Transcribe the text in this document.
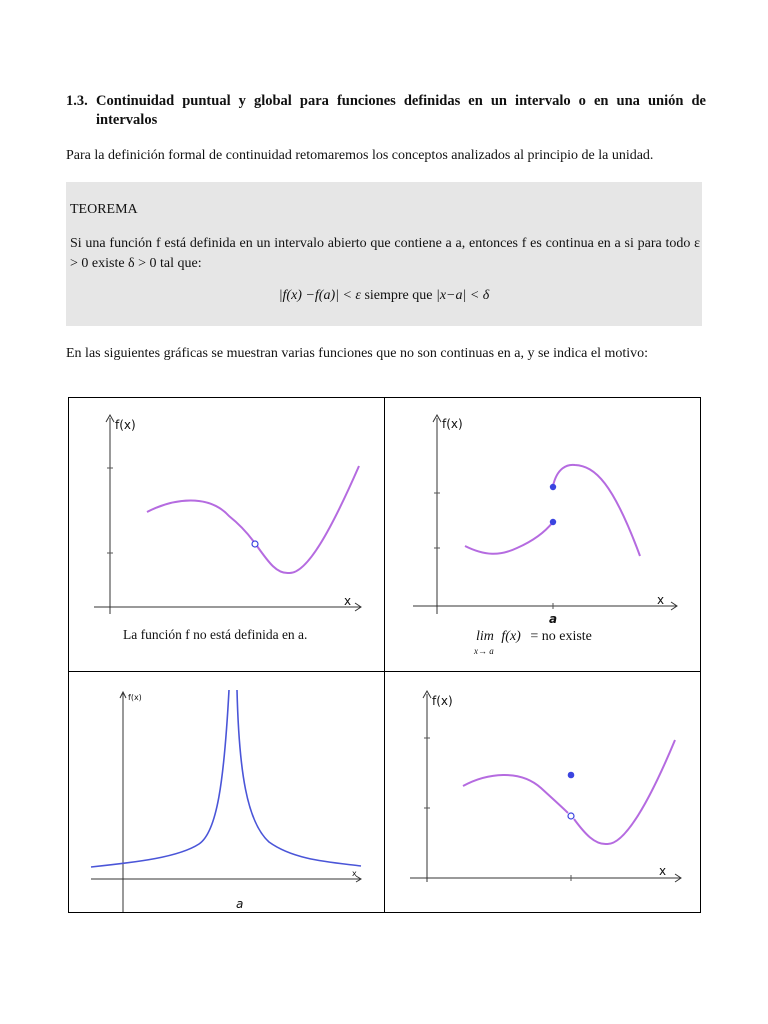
1.3. Continuidad puntual y global para funciones definidas en un intervalo o en una unión de intervalos
Para la definición formal de continuidad retomaremos los conceptos analizados al principio de la unidad.
TEOREMA
Si una función f está definida en un intervalo abierto que contiene a a, entonces f es continua en a si para todo ε > 0 existe δ > 0 tal que:
|f(x) −f(a)| < ε siempre que |x−a| < δ
En las siguientes gráficas se muestran varias funciones que no son continuas en a, y se indica el motivo:
f(x)
x
La función f no está definida en a.
f(x)
x
a
lim
x→ a
f(x) = no existe
f(x)
x
a
f(x)
x
